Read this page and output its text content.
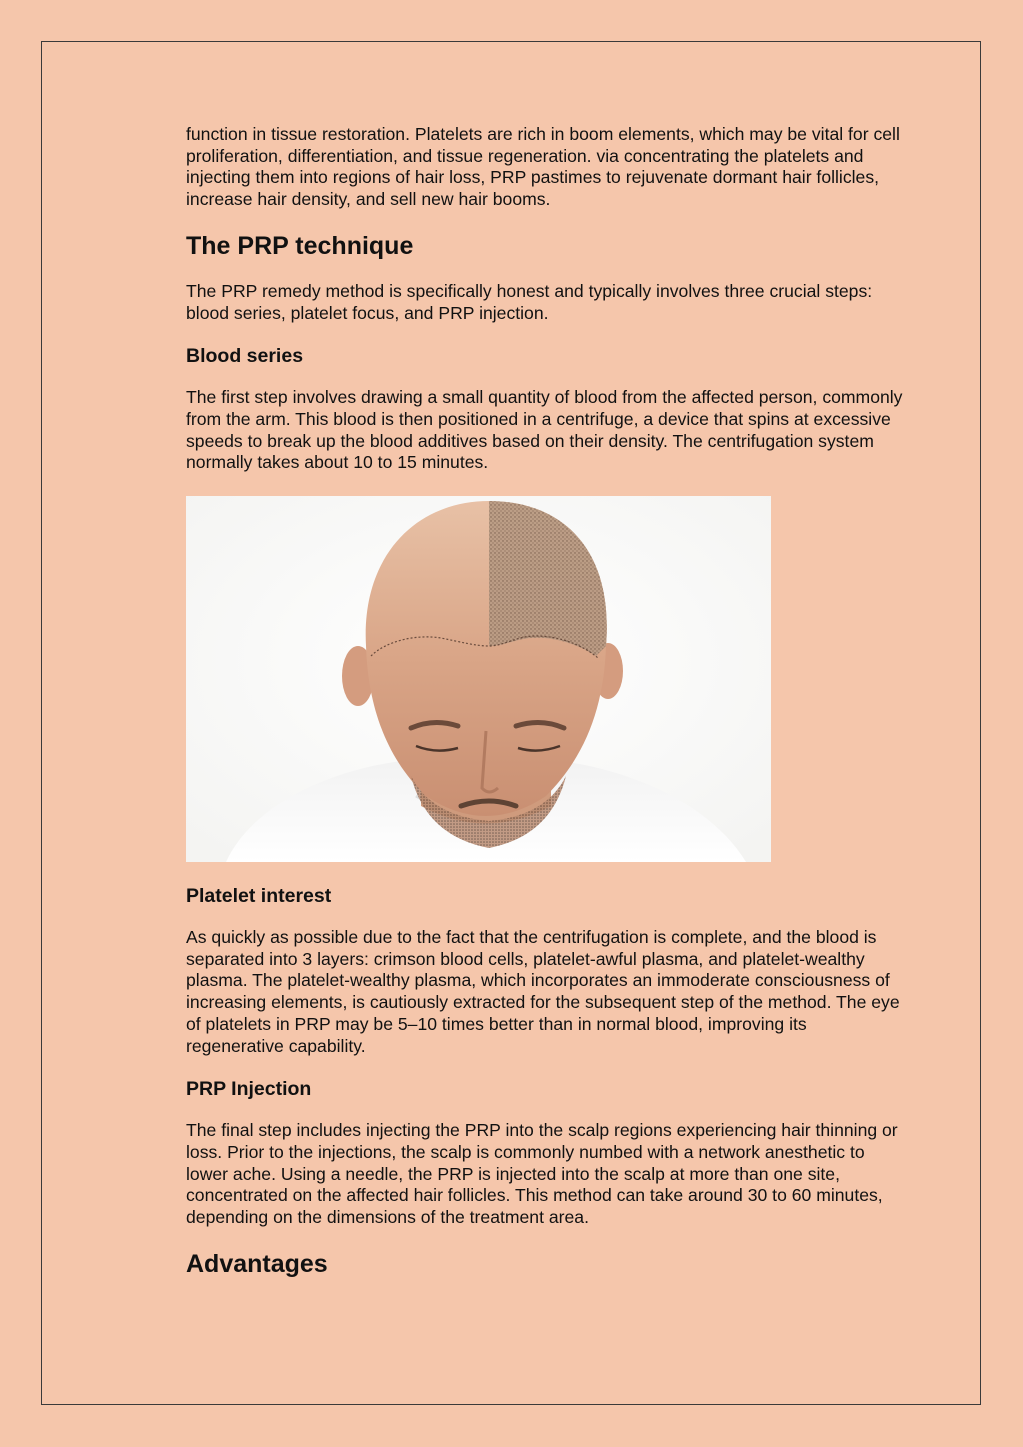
function in tissue restoration. Platelets are rich in boom elements, which may be vital for cell proliferation, differentiation, and tissue regeneration. via concentrating the platelets and injecting them into regions of hair loss, PRP pastimes to rejuvenate dormant hair follicles, increase hair density, and sell new hair booms.

The PRP technique

The PRP remedy method is specifically honest and typically involves three crucial steps: blood series, platelet focus, and PRP injection.

Blood series

The first step involves drawing a small quantity of blood from the affected person, commonly from the arm. This blood is then positioned in a centrifuge, a device that spins at excessive speeds to break up the blood additives based on their density. The centrifugation system normally takes about 10 to 15 minutes.

Platelet interest

As quickly as possible due to the fact that the centrifugation is complete, and the blood is separated into 3 layers: crimson blood cells, platelet-awful plasma, and platelet-wealthy plasma. The platelet-wealthy plasma, which incorporates an immoderate consciousness of increasing elements, is cautiously extracted for the subsequent step of the method. The eye of platelets in PRP may be 5–10 times better than in normal blood, improving its regenerative capability.

PRP Injection

The final step includes injecting the PRP into the scalp regions experiencing hair thinning or loss. Prior to the injections, the scalp is commonly numbed with a network anesthetic to lower ache. Using a needle, the PRP is injected into the scalp at more than one site, concentrated on the affected hair follicles. This method can take around 30 to 60 minutes, depending on the dimensions of the treatment area.

Advantages
